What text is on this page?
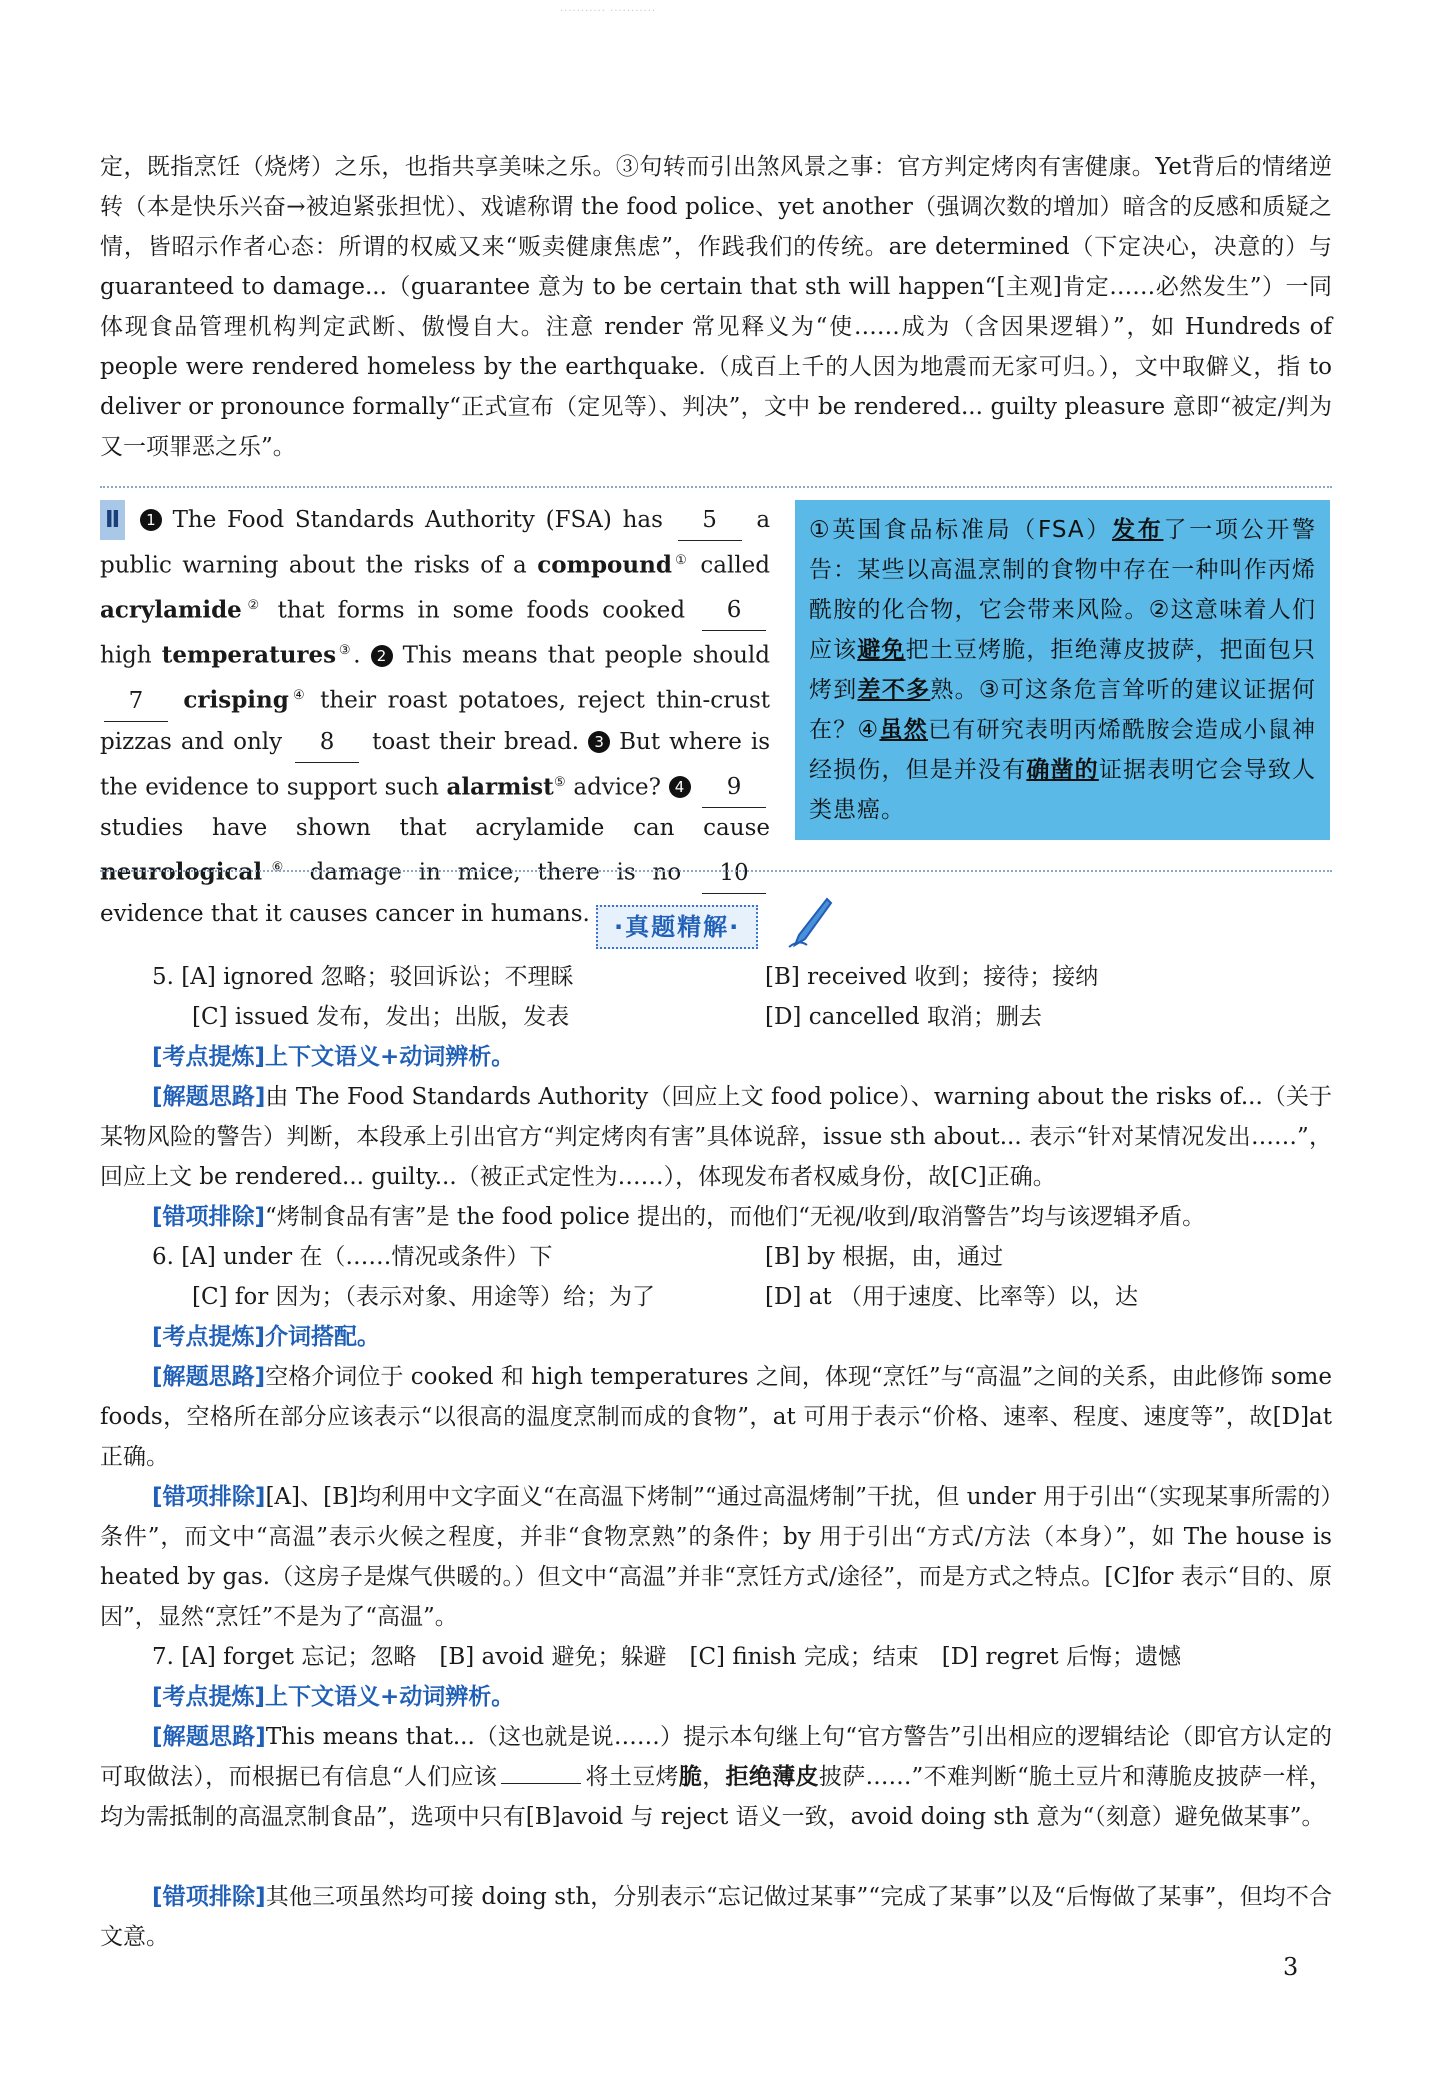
··········· ···········
定，既指烹饪（烧烤）之乐，也指共享美味之乐。③句转而引出煞风景之事：官方判定烤肉有害健康。Yet背后的情绪逆转（本是快乐兴奋→被迫紧张担忧）、戏谑称谓 the food police、yet another（强调次数的增加）暗含的反感和质疑之情，皆昭示作者心态：所谓的权威又来“贩卖健康焦虑”，作践我们的传统。are determined（下定决心，决意的）与 guaranteed to damage...（guarantee 意为 to be certain that sth will happen“[主观]肯定……必然发生”）一同体现食品管理机构判定武断、傲慢自大。注意 render 常见释义为“使……成为（含因果逻辑）”，如 Hundreds of people were rendered homeless by the earthquake.（成百上千的人因为地震而无家可归。），文中取僻义，指 to deliver or pronounce formally“正式宣布（定见等）、判决”，文中 be rendered... guilty pleasure 意即“被定/判为又一项罪恶之乐”。
Ⅱ 1 The Food Standards Authority (FSA) has 5 a public warning about the risks of a compound① called acrylamide② that forms in some foods cooked 6 high temperatures③. 2 This means that people should 7 crisping④ their roast potatoes, reject thin-crust pizzas and only 8 toast their bread. 3 But where is the evidence to support such alarmist⑤ advice? 4 9 studies have shown that acrylamide can cause neurological⑥ damage in mice, there is no 10 evidence that it causes cancer in humans.
①英国食品标准局（FSA）发布了一项公开警告：某些以高温烹制的食物中存在一种叫作丙烯酰胺的化合物，它会带来风险。②这意味着人们应该避免把土豆烤脆，拒绝薄皮披萨，把面包只烤到差不多熟。③可这条危言耸听的建议证据何在？④虽然已有研究表明丙烯酰胺会造成小鼠神经损伤，但是并没有确凿的证据表明它会导致人类患癌。
·真题精解·
5. [A] ignored 忽略；驳回诉讼；不理睬	[B] received 收到；接待；接纳
[C] issued 发布，发出；出版，发表	[D] cancelled 取消；删去
[考点提炼]上下文语义+动词辨析。
[解题思路]由 The Food Standards Authority（回应上文 food police）、warning about the risks of...（关于某物风险的警告）判断，本段承上引出官方“判定烤肉有害”具体说辞，issue sth about... 表示“针对某情况发出……”，回应上文 be rendered... guilty...（被正式定性为……），体现发布者权威身份，故[C]正确。
[错项排除]“烤制食品有害”是 the food police 提出的，而他们“无视/收到/取消警告”均与该逻辑矛盾。
6. [A] under 在（……情况或条件）下	[B] by 根据，由，通过
[C] for 因为；（表示对象、用途等）给；为了	[D] at （用于速度、比率等）以，达
[考点提炼]介词搭配。
[解题思路]空格介词位于 cooked 和 high temperatures 之间，体现“烹饪”与“高温”之间的关系，由此修饰 some foods，空格所在部分应该表示“以很高的温度烹制而成的食物”，at 可用于表示“价格、速率、程度、速度等”，故[D]at 正确。
[错项排除][A]、[B]均利用中文字面义“在高温下烤制”“通过高温烤制”干扰，但 under 用于引出“（实现某事所需的）条件”，而文中“高温”表示火候之程度，并非“食物烹熟”的条件；by 用于引出“方式/方法（本身）”，如 The house is heated by gas.（这房子是煤气供暖的。）但文中“高温”并非“烹饪方式/途径”，而是方式之特点。[C]for 表示“目的、原因”，显然“烹饪”不是为了“高温”。
7. [A] forget 忘记；忽略　[B] avoid 避免；躲避　[C] finish 完成；结束　[D] regret 后悔；遗憾
[考点提炼]上下文语义+动词辨析。
[解题思路]This means that...（这也就是说……）提示本句继上句“官方警告”引出相应的逻辑结论（即官方认定的可取做法），而根据已有信息“人们应该	将土豆烤脆，拒绝薄皮披萨……”不难判断“脆土豆片和薄脆皮披萨一样，均为需抵制的高温烹制食品”，选项中只有[B]avoid 与 reject 语义一致，avoid doing sth 意为“（刻意）避免做某事”。
[错项排除]其他三项虽然均可接 doing sth，分别表示“忘记做过某事”“完成了某事”以及“后悔做了某事”，但均不合文意。
3
